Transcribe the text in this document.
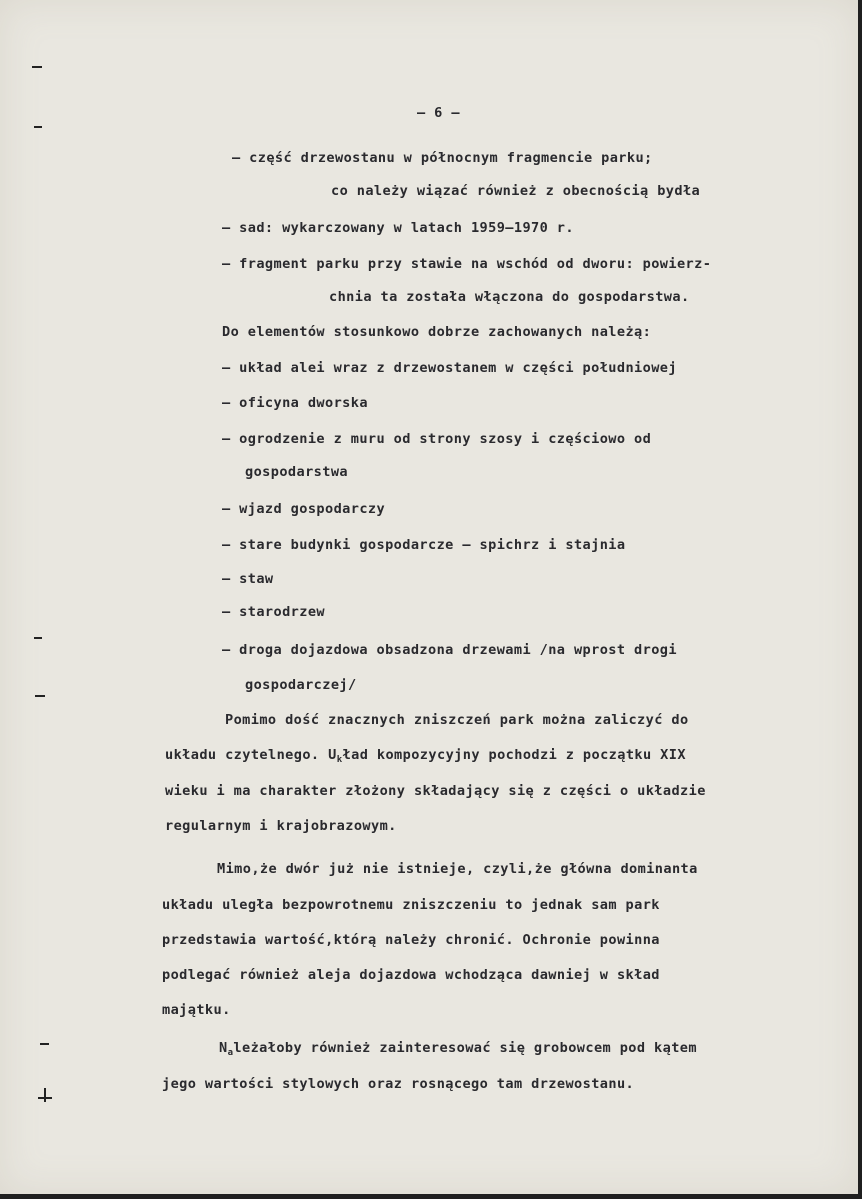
— 6 —
— część drzewostanu w północnym fragmencie parku;
co należy wiązać również z obecnością bydła
— sad: wykarczowany w latach 1959—1970 r.
— fragment parku przy stawie na wschód od dworu: powierz-
chnia ta została włączona do gospodarstwa.
Do elementów stosunkowo dobrze zachowanych należą:
— układ alei wraz z drzewostanem w części południowej
— oficyna dworska
— ogrodzenie z muru od strony szosy i częściowo od
gospodarstwa
— wjazd gospodarczy
— stare budynki gospodarcze — spichrz i stajnia
— staw
— starodrzew
— droga dojazdowa obsadzona drzewami /na wprost drogi
gospodarczej/
Pomimo dość znacznych zniszczeń park można zaliczyć do
układu czytelnego. $U_kład$ kompozycyjny pochodzi z początku XIX
wieku i ma charakter złożony składający się z części o układzie
regularnym i krajobrazowym.
Mimo,że dwór już nie istnieje, czyli,że główna dominanta
układu uległa bezpowrotnemu zniszczeniu to jednak sam park
przedstawia wartość,którą należy chronić. Ochronie powinna
podlegać również aleja dojazdowa wchodząca dawniej w skład
majątku.
$N_ależałoby$ również zainteresować się grobowcem pod kątem
jego wartości stylowych oraz rosnącego tam drzewostanu.
